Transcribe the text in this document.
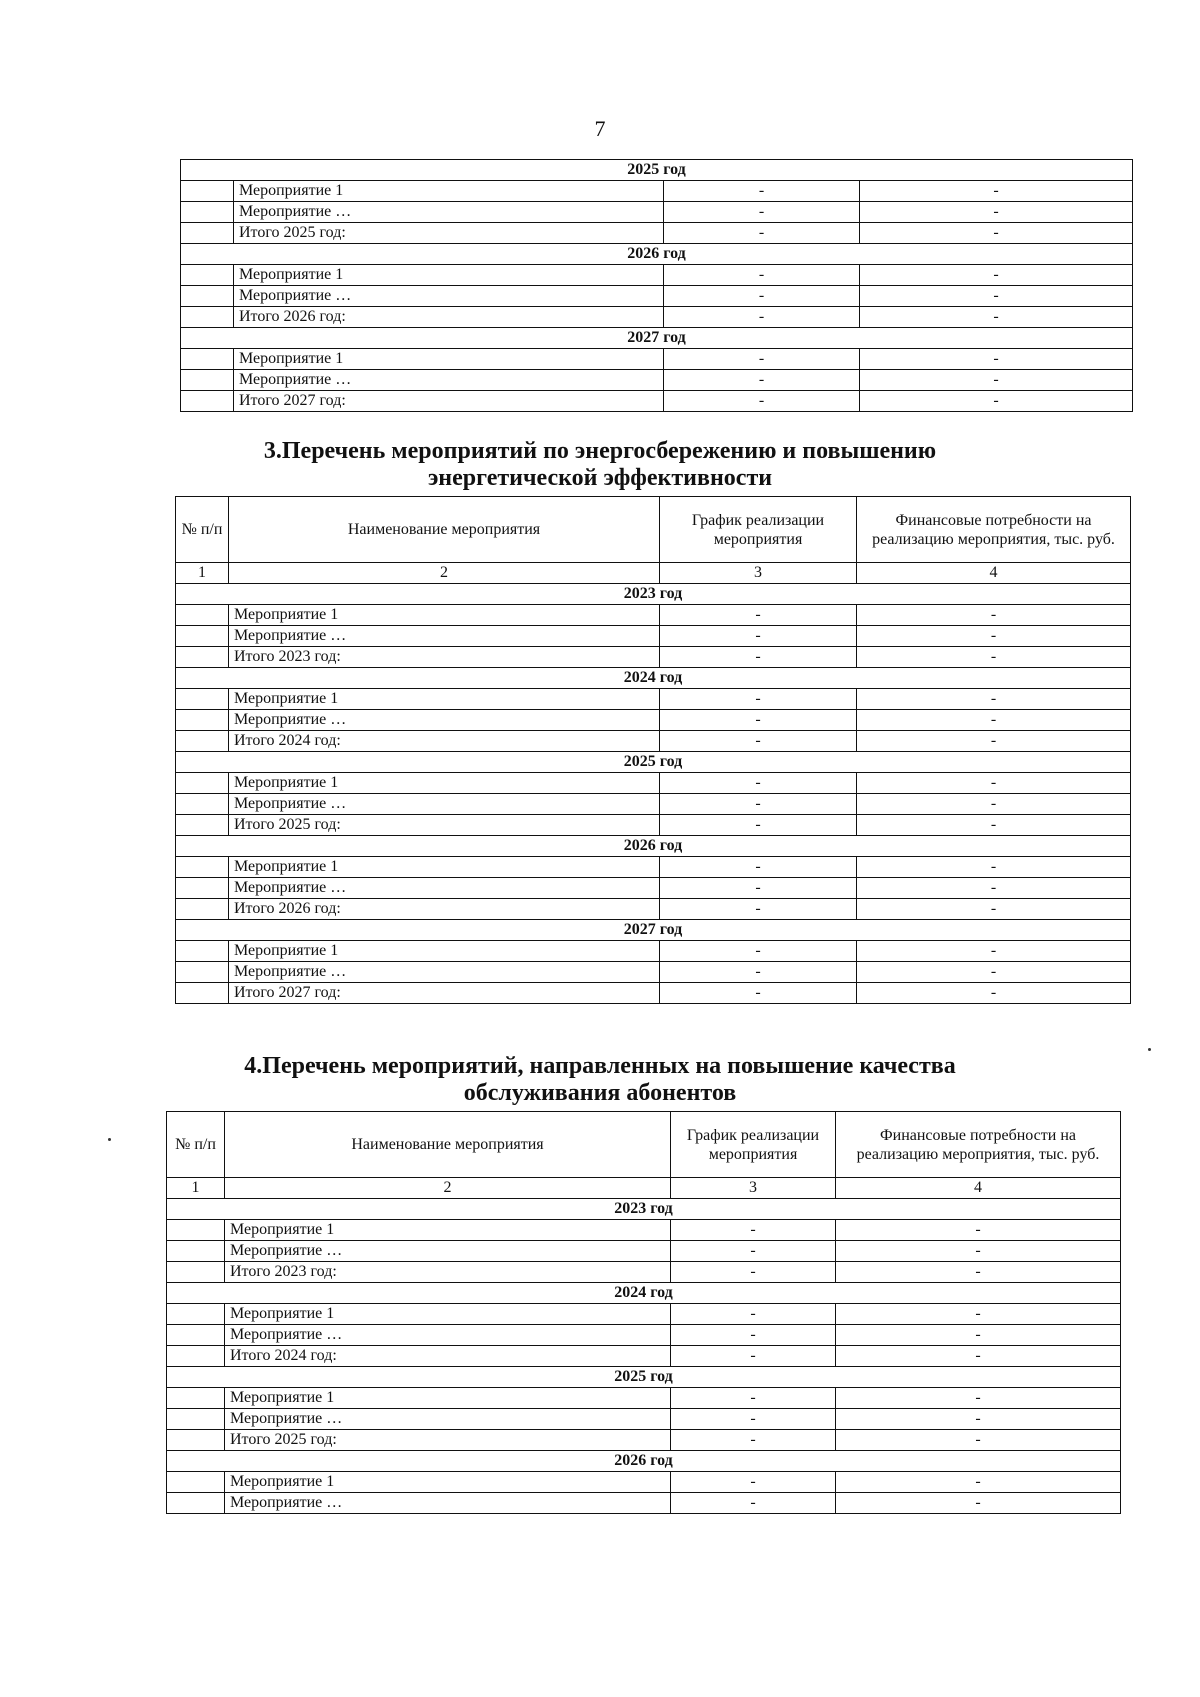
7
2025 год			
	Мероприятие 1	-	-
	Мероприятие …	-	-
	Итого 2025 год:	-	-
2026 год			
	Мероприятие 1	-	-
	Мероприятие …	-	-
	Итого 2026 год:	-	-
2027 год			
	Мероприятие 1	-	-
	Мероприятие …	-	-
	Итого 2027 год:	-	-
3.Перечень мероприятий по энергосбережению и повышению
энергетической эффективности
№ п/п	Наименование мероприятия	График реализации мероприятия	Финансовые потребности на реализацию мероприятия, тыс. руб.
1	2	3	4
2023 год			
	Мероприятие 1	-	-
	Мероприятие …	-	-
	Итого 2023 год:	-	-
2024 год			
	Мероприятие 1	-	-
	Мероприятие …	-	-
	Итого 2024 год:	-	-
2025 год			
	Мероприятие 1	-	-
	Мероприятие …	-	-
	Итого 2025 год:	-	-
2026 год			
	Мероприятие 1	-	-
	Мероприятие …	-	-
	Итого 2026 год:	-	-
2027 год			
	Мероприятие 1	-	-
	Мероприятие …	-	-
	Итого 2027 год:	-	-
4.Перечень мероприятий, направленных на повышение качества
обслуживания абонентов
№ п/п	Наименование мероприятия	График реализации мероприятия	Финансовые потребности на реализацию мероприятия, тыс. руб.
1	2	3	4
2023 год			
	Мероприятие 1	-	-
	Мероприятие …	-	-
	Итого 2023 год:	-	-
2024 год			
	Мероприятие 1	-	-
	Мероприятие …	-	-
	Итого 2024 год:	-	-
2025 год			
	Мероприятие 1	-	-
	Мероприятие …	-	-
	Итого 2025 год:	-	-
2026 год			
	Мероприятие 1	-	-
	Мероприятие …	-	-
